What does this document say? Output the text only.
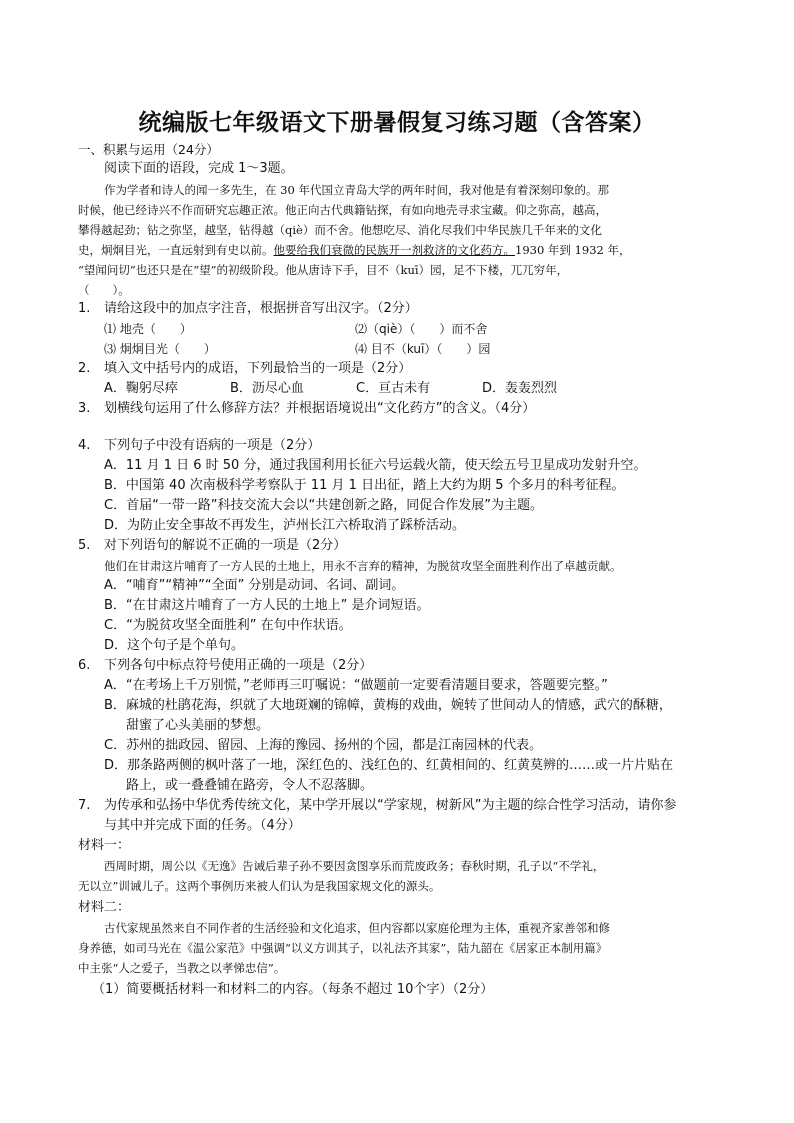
统编版七年级语文下册暑假复习练习题（含答案）
一、积累与运用（24分）
阅读下面的语段，完成 1～3题。
作为学者和诗人的闻一多先生，在 30 年代国立青岛大学的两年时间，我对他是有着深刻印象的。那
时候，他已经诗兴不作而研究忘趣正浓。他正向古代典籍钻探，有如向地壳寻求宝藏。仰之弥高，越高，
攀得越起劲；钻之弥坚，越坚，钻得越（qiè）而不舍。他想吃尽、消化尽我们中华民族几千年来的文化
史，炯炯目光，一直远射到有史以前。他要给我们衰微的民族开一剂救济的文化药方。1930 年到 1932 年，
“望闻问切”也还只是在“望”的初级阶段。他从唐诗下手，目不（kuī）园，足不下楼，兀兀穷年，
（　　）。
1. 请给这段中的加点字注音，根据拼音写出汉字。（2分）
⑴ 地壳（　　）	⑵（qiè）（　　）而不舍
⑶ 炯炯目光（　　）	⑷ 目不（kuī）（　　）园
2. 填入文中括号内的成语，下列最恰当的一项是（2分）
A．鞠躬尽瘁	B．沥尽心血	C．亘古未有	D．轰轰烈烈
3. 划横线句运用了什么修辞方法？并根据语境说出“文化药方”的含义。（4分）
4. 下列句子中没有语病的一项是（2分）
A．11 月 1 日 6 时 50 分，通过我国利用长征六号运载火箭，使天绘五号卫星成功发射升空。
B．中国第 40 次南极科学考察队于 11 月 1 日出征，踏上大约为期 5 个多月的科考征程。
C．首届“一带一路”科技交流大会以“共建创新之路，同促合作发展”为主题。
D．为防止安全事故不再发生，泸州长江六桥取消了踩桥活动。
5. 对下列语句的解说不正确的一项是（2分）
他们在甘肃这片哺育了一方人民的土地上，用永不言弃的精神，为脱贫攻坚全面胜利作出了卓越贡献。
A．“哺育”“精神”“全面” 分别是动词、名词、副词。
B．“在甘肃这片哺育了一方人民的土地上” 是介词短语。
C．“为脱贫攻坚全面胜利” 在句中作状语。
D．这个句子是个单句。
6. 下列各句中标点符号使用正确的一项是（2分）
A．“在考场上千万别慌，”老师再三叮嘱说：“做题前一定要看清题目要求，答题要完整。”
B．麻城的杜鹃花海，织就了大地斑斓的锦幛，黄梅的戏曲，婉转了世间动人的情感，武穴的酥糖，
甜蜜了心头美丽的梦想。
C．苏州的拙政园、留园、上海的豫园、扬州的个园，都是江南园林的代表。
D．那条路两侧的枫叶落了一地，深红色的、浅红色的、红黄相间的、红黄莫辨的……或一片片贴在
路上，或一叠叠铺在路旁，令人不忍落脚。
7. 为传承和弘扬中华优秀传统文化，某中学开展以“学家规，树新风”为主题的综合性学习活动，请你参
与其中并完成下面的任务。（4分）
材料一：
西周时期，周公以《无逸》告诫后辈子孙不要因贪图享乐而荒废政务；春秋时期，孔子以“不学礼，
无以立”训诫儿子。这两个事例历来被人们认为是我国家规文化的源头。
材料二：
古代家规虽然来自不同作者的生活经验和文化追求，但内容都以家庭伦理为主体，重视齐家善邻和修
身养德，如司马光在《温公家范》中强调“以义方训其子，以礼法齐其家”，陆九韶在《居家正本制用篇》
中主张“人之爱子，当教之以孝悌忠信”。
（1）简要概括材料一和材料二的内容。（每条不超过 10个字）（2分）
